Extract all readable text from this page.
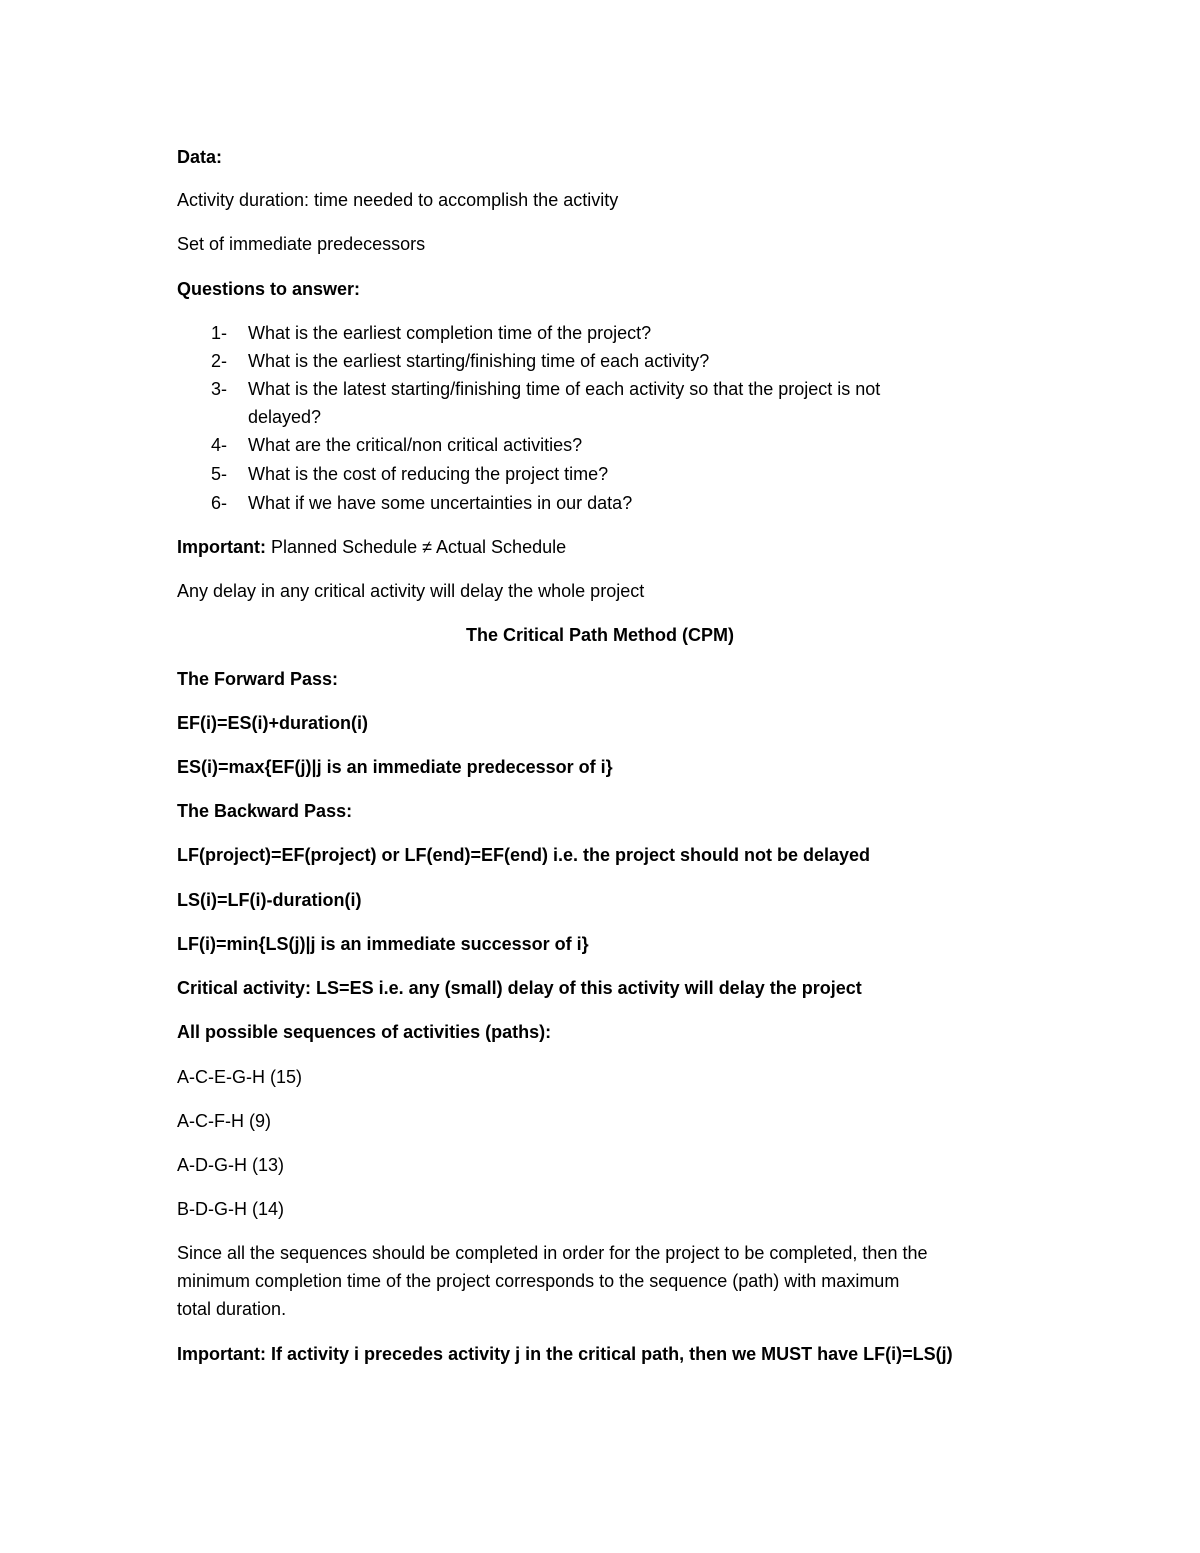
Data:
Activity duration: time needed to accomplish the activity
Set of immediate predecessors
Questions to answer:
1- What is the earliest completion time of the project?
2- What is the earliest starting/finishing time of each activity?
3- What is the latest starting/finishing time of each activity so that the project is not
delayed?
4- What are the critical/non critical activities?
5- What is the cost of reducing the project time?
6- What if we have some uncertainties in our data?
Important: Planned Schedule ≠ Actual Schedule
Any delay in any critical activity will delay the whole project
The Critical Path Method (CPM)
The Forward Pass:
EF(i)=ES(i)+duration(i)
ES(i)=max{EF(j)|j is an immediate predecessor of i}
The Backward Pass:
LF(project)=EF(project) or LF(end)=EF(end) i.e. the project should not be delayed
LS(i)=LF(i)-duration(i)
LF(i)=min{LS(j)|j is an immediate successor of i}
Critical activity: LS=ES i.e. any (small) delay of this activity will delay the project
All possible sequences of activities (paths):
A-C-E-G-H (15)
A-C-F-H (9)
A-D-G-H (13)
B-D-G-H (14)
Since all the sequences should be completed in order for the project to be completed, then the
minimum completion time of the project corresponds to the sequence (path) with maximum
total duration.
Important: If activity i precedes activity j in the critical path, then we MUST have LF(i)=LS(j)
